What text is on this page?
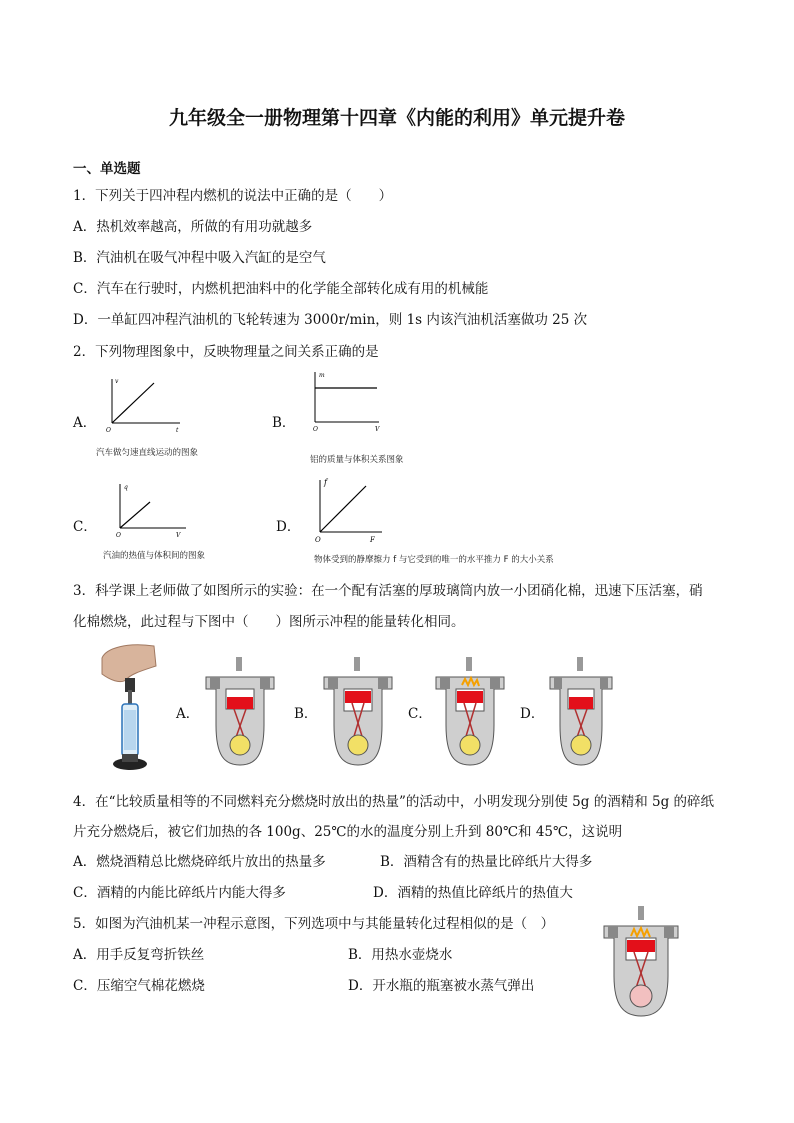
九年级全一册物理第十四章《内能的利用》单元提升卷
一、单选题
1．下列关于四冲程内燃机的说法中正确的是（　　）
A．热机效率越高，所做的有用功就越多
B．汽油机在吸气冲程中吸入汽缸的是空气
C．汽车在行驶时，内燃机把油料中的化学能全部转化成有用的机械能
D．一单缸四冲程汽油机的飞轮转速为 3000r/min，则 1s 内该汽油机活塞做功 25 次
2．下列物理图象中，反映物理量之间关系正确的是
A．
v
t
O
汽车做匀速直线运动的图象
B．
m
V
O
铝的质量与体积关系图象
C．
q
V
O
汽油的热值与体积间的图象
D．
f
F
O
物体受到的静摩擦力 f 与它受到的唯一的水平推力 F 的大小关系
3．科学课上老师做了如图所示的实验：在一个配有活塞的厚玻璃筒内放一小团硝化棉，迅速下压活塞，硝
化棉燃烧，此过程与下图中（　　）图所示冲程的能量转化相同。
A．	B．	C．	D．
4．在“比较质量相等的不同燃料充分燃烧时放出的热量”的活动中，小明发现分别使 5g 的酒精和 5g 的碎纸
片充分燃烧后，被它们加热的各 100g、25℃的水的温度分别上升到 80℃和 45℃，这说明
A．燃烧酒精总比燃烧碎纸片放出的热量多	B．酒精含有的热量比碎纸片大得多
C．酒精的内能比碎纸片内能大得多	D．酒精的热值比碎纸片的热值大
5．如图为汽油机某一冲程示意图，下列选项中与其能量转化过程相似的是（　）
A．用手反复弯折铁丝	B．用热水壶烧水
C．压缩空气棉花燃烧	D．开水瓶的瓶塞被水蒸气弹出
